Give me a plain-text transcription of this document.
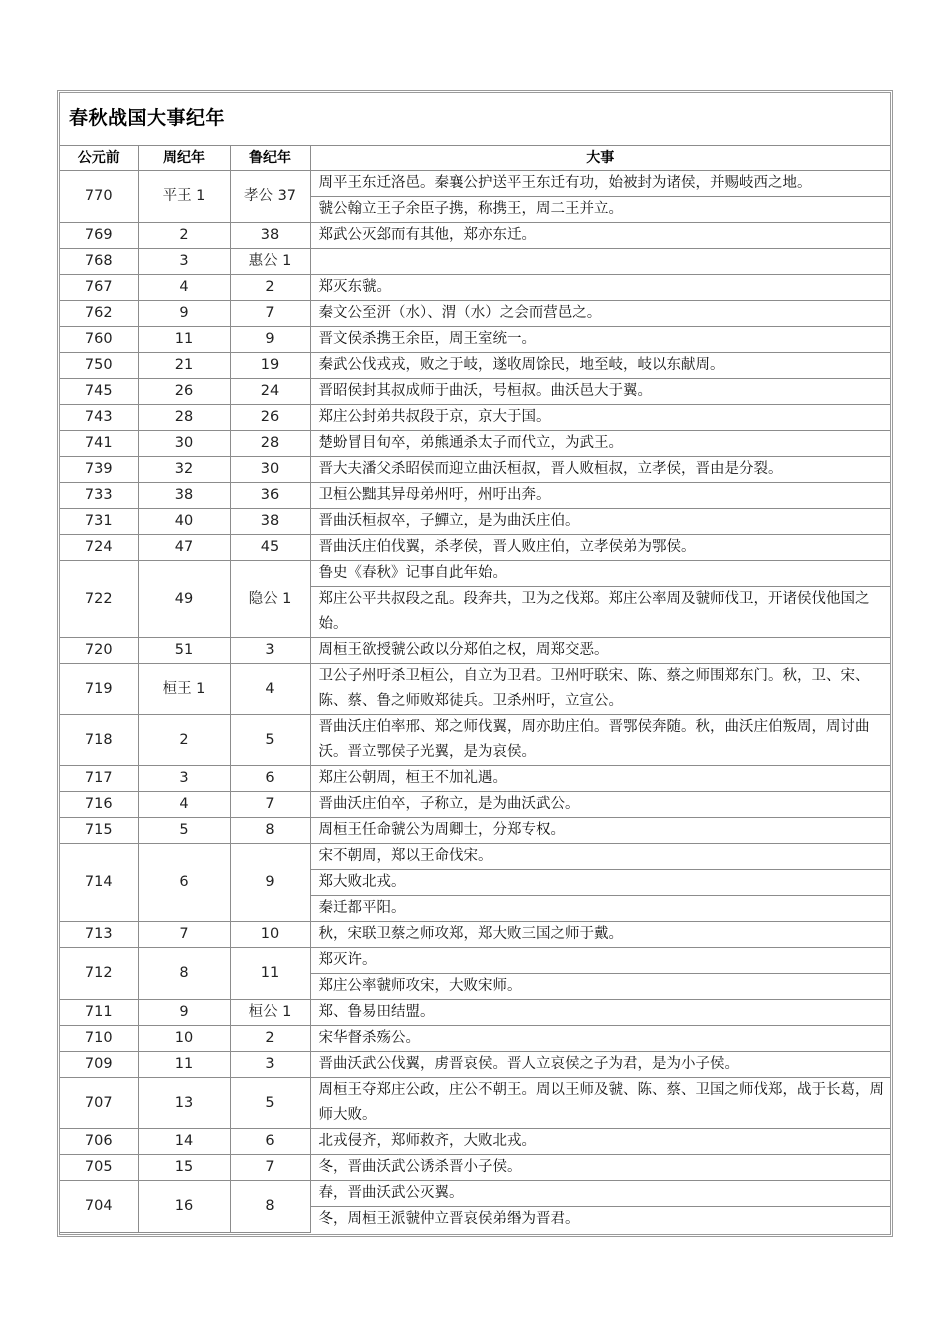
春秋战国大事纪年
公元前	周纪年	鲁纪年	大事
770	平王 1	孝公 37	周平王东迁洛邑。秦襄公护送平王东迁有功，始被封为诸侯，并赐岐西之地。
			虢公翰立王子余臣子携，称携王，周二王并立。
769	2	38	郑武公灭郐而有其他，郑亦东迁。
768	3	惠公 1	
767	4	2	郑灭东虢。
762	9	7	秦文公至汧（水）、渭（水）之会而营邑之。
760	11	9	晋文侯杀携王余臣，周王室统一。
750	21	19	秦武公伐戎戎，败之于岐，遂收周馀民，地至岐，岐以东献周。
745	26	24	晋昭侯封其叔成师于曲沃，号桓叔。曲沃邑大于翼。
743	28	26	郑庄公封弟共叔段于京，京大于国。
741	30	28	楚蚡冒目旬卒，弟熊通杀太子而代立，为武王。
739	32	30	晋大夫潘父杀昭侯而迎立曲沃桓叔，晋人败桓叔，立孝侯，晋由是分裂。
733	38	36	卫桓公黜其异母弟州吁，州吁出奔。
731	40	38	晋曲沃桓叔卒，子鱓立，是为曲沃庄伯。
724	47	45	晋曲沃庄伯伐翼，杀孝侯，晋人败庄伯，立孝侯弟为鄂侯。
722	49	隐公 1	鲁史《春秋》记事自此年始。
			郑庄公平共叔段之乱。段奔共，卫为之伐郑。郑庄公率周及虢师伐卫，开诸侯伐他国之始。
720	51	3	周桓王欲授虢公政以分郑伯之权，周郑交恶。
719	桓王 1	4	卫公子州吁杀卫桓公，自立为卫君。卫州吁联宋、陈、蔡之师围郑东门。秋，卫、宋、陈、蔡、鲁之师败郑徒兵。卫杀州吁，立宣公。
718	2	5	晋曲沃庄伯率邢、郑之师伐翼，周亦助庄伯。晋鄂侯奔随。秋，曲沃庄伯叛周，周讨曲沃。晋立鄂侯子光翼，是为哀侯。
717	3	6	郑庄公朝周，桓王不加礼遇。
716	4	7	晋曲沃庄伯卒，子称立，是为曲沃武公。
715	5	8	周桓王任命虢公为周卿士，分郑专权。
714	6	9	宋不朝周，郑以王命伐宋。
			郑大败北戎。
			秦迁都平阳。
713	7	10	秋，宋联卫蔡之师攻郑，郑大败三国之师于戴。
712	8	11	郑灭许。
			郑庄公率虢师攻宋，大败宋师。
711	9	桓公 1	郑、鲁易田结盟。
710	10	2	宋华督杀殇公。
709	11	3	晋曲沃武公伐翼，虏晋哀侯。晋人立哀侯之子为君，是为小子侯。
707	13	5	周桓王夺郑庄公政，庄公不朝王。周以王师及虢、陈、蔡、卫国之师伐郑，战于长葛，周师大败。
706	14	6	北戎侵齐，郑师救齐，大败北戎。
705	15	7	冬，晋曲沃武公诱杀晋小子侯。
704	16	8	春，晋曲沃武公灭翼。
			冬，周桓王派虢仲立晋哀侯弟缗为晋君。
